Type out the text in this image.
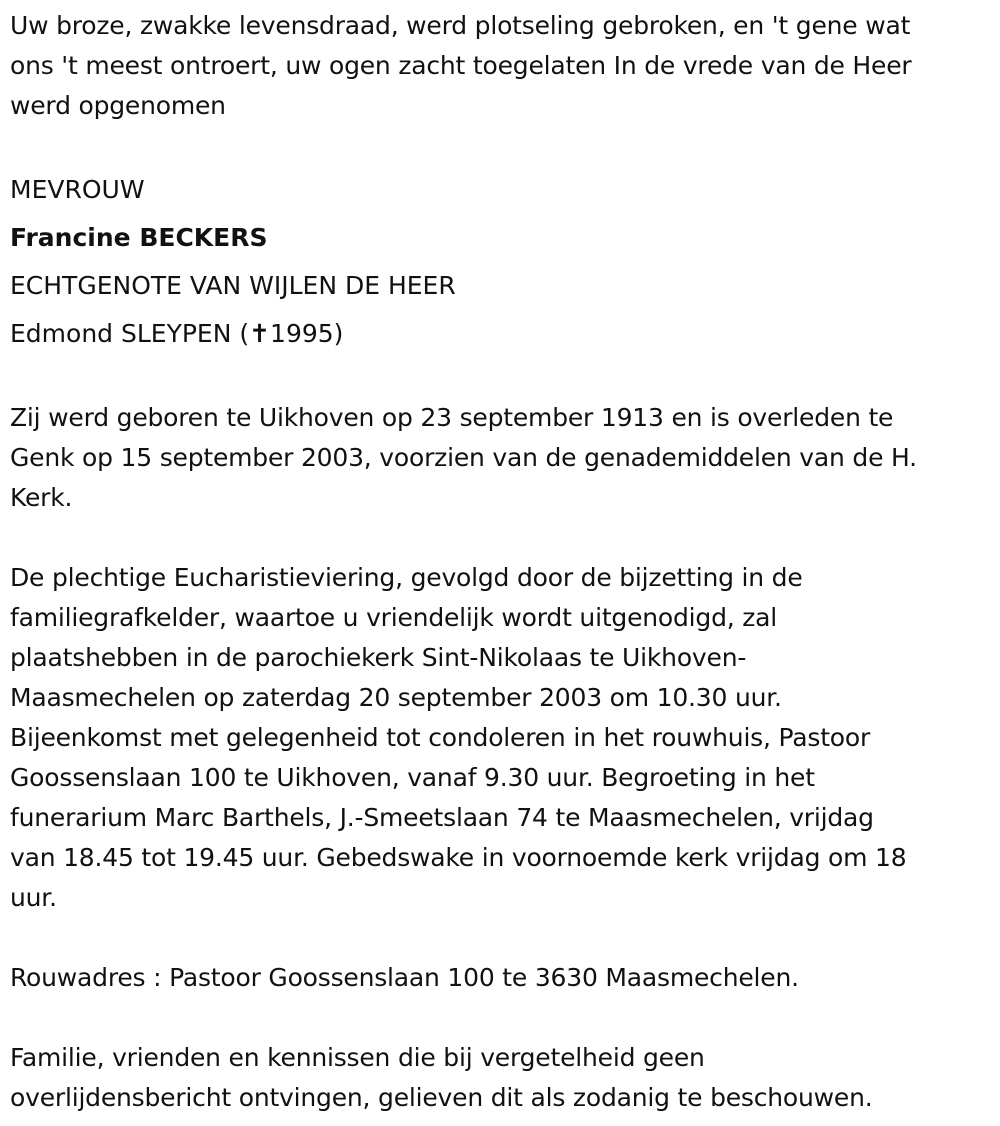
Uw broze, zwakke levensdraad, werd plotseling gebroken, en 't gene wat
ons 't meest ontroert, uw ogen zacht toegelaten In de vrede van de Heer
werd opgenomen
MEVROUW
Francine BECKERS
ECHTGENOTE VAN WIJLEN DE HEER
Edmond SLEYPEN (✝1995)
Zij werd geboren te Uikhoven op 23 september 1913 en is overleden te
Genk op 15 september 2003, voorzien van de genademiddelen van de H.
Kerk.
De plechtige Eucharistieviering, gevolgd door de bijzetting in de
familiegrafkelder, waartoe u vriendelijk wordt uitgenodigd, zal
plaatshebben in de parochiekerk Sint-Nikolaas te Uikhoven-
Maasmechelen op zaterdag 20 september 2003 om 10.30 uur.
Bijeenkomst met gelegenheid tot condoleren in het rouwhuis, Pastoor
Goossenslaan 100 te Uikhoven, vanaf 9.30 uur. Begroeting in het
funerarium Marc Barthels, J.-Smeetslaan 74 te Maasmechelen, vrijdag
van 18.45 tot 19.45 uur. Gebedswake in voornoemde kerk vrijdag om 18
uur.
Rouwadres : Pastoor Goossenslaan 100 te 3630 Maasmechelen.
Familie, vrienden en kennissen die bij vergetelheid geen
overlijdensbericht ontvingen, gelieven dit als zodanig te beschouwen.
